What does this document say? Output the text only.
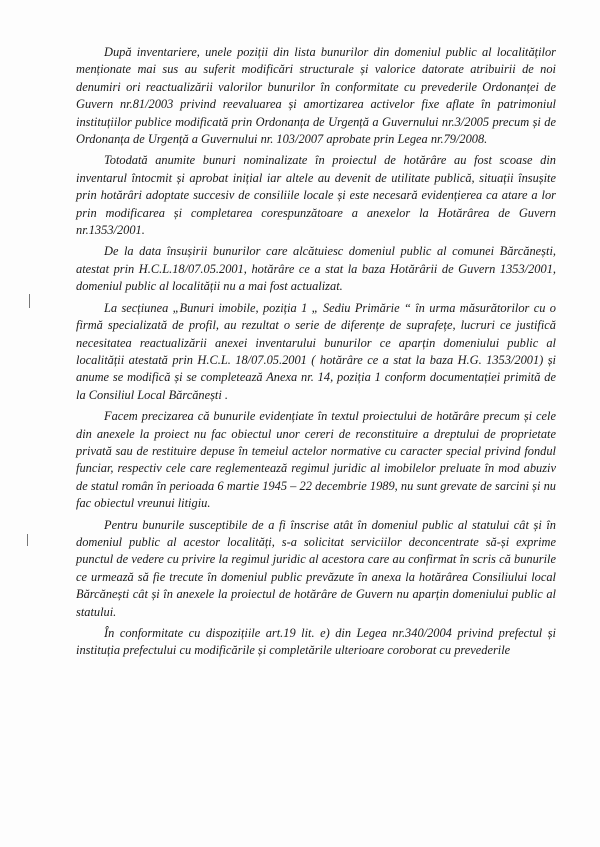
După inventariere, unele poziții din lista bunurilor din domeniul public al localităților menționate mai sus au suferit modificări structurale și valorice datorate atribuirii de noi denumiri ori reactualizării valorilor bunurilor în conformitate cu prevederile Ordonanței de Guvern nr.81/2003 privind reevaluarea și amortizarea activelor fixe aflate în patrimoniul instituțiilor publice modificată prin Ordonanța de Urgență a Guvernului nr.3/2005 precum și de Ordonanța de Urgență a Guvernului nr. 103/2007 aprobate prin Legea nr.79/2008.

Totodată anumite bunuri nominalizate în proiectul de hotărâre au fost scoase din inventarul întocmit și aprobat inițial iar altele au devenit de utilitate publică, situații însușite prin hotărâri adoptate succesiv de consiliile locale și este necesară evidențierea ca atare a lor prin modificarea și completarea corespunzătoare a anexelor la Hotărârea de Guvern nr.1353/2001.

De la data însușirii bunurilor care alcătuiesc domeniul public al comunei Bărcănești, atestat prin H.C.L.18/07.05.2001, hotărâre ce a stat la baza Hotărârii de Guvern 1353/2001, domeniul public al localității nu a mai fost actualizat.

La secțiunea „Bunuri imobile, poziția 1 „ Sediu Primărie “ în urma măsurătorilor cu o firmă specializată de profil, au rezultat o serie de diferențe de suprafețe, lucruri ce justifică necesitatea reactualizării anexei inventarului bunurilor ce aparțin domeniului public al localității atestată prin H.C.L. 18/07.05.2001 ( hotărâre ce a stat la baza H.G. 1353/2001) și anume se modifică și se completează Anexa nr. 14, poziția 1 conform documentației primită de la Consiliul Local Bărcănești .

Facem precizarea că bunurile evidențiate în textul proiectului de hotărâre precum și cele din anexele la proiect nu fac obiectul unor cereri de reconstituire a dreptului de proprietate privată sau de restituire depuse în temeiul actelor normative cu caracter special privind fondul funciar, respectiv cele care reglementează regimul juridic al imobilelor preluate în mod abuziv de statul român în perioada 6 martie 1945 – 22 decembrie 1989, nu sunt grevate de sarcini și nu fac obiectul vreunui litigiu.

Pentru bunurile susceptibile de a fi înscrise atât în domeniul public al statului cât și în domeniul public al acestor localități, s-a solicitat serviciilor deconcentrate să-și exprime punctul de vedere cu privire la regimul juridic al acestora care au confirmat în scris că bunurile ce urmează să fie trecute în domeniul public prevăzute în anexa la hotărârea Consiliului local Bărcănești cât și în anexele la proiectul de hotărâre de Guvern nu aparțin domeniului public al statului.

În conformitate cu dispozițiile art.19 lit. e) din Legea nr.340/2004 privind prefectul și instituția prefectului cu modificările și completările ulterioare coroborat cu prevederile
